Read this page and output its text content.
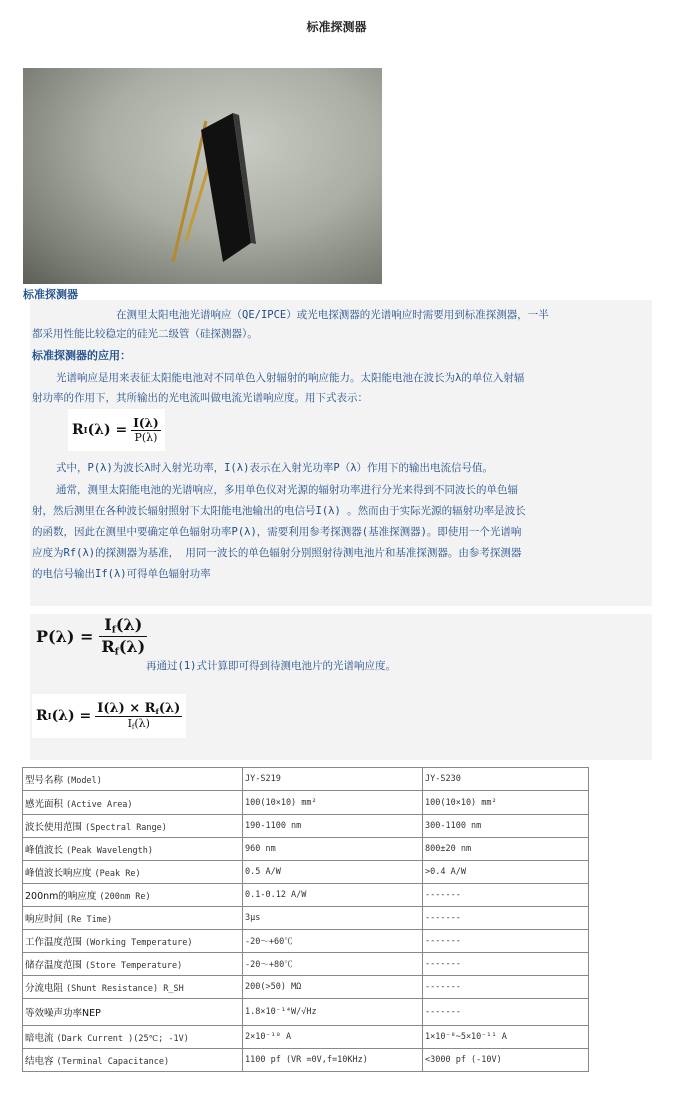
标准探测器
标准探测器
在测里太阳电池光谱响应（QE/IPCE）或光电探测器的光谱响应时需要用到标准探测器，一半
都采用性能比较稳定的硅光二级管（硅探测器）。
标准探测器的应用：
光谱响应是用来表征太阳能电池对不同单色入射辐射的响应能力。太阳能电池在波长为λ的单位入射辐
射功率的作用下，其所输出的光电流叫做电流光谱响应度。用下式表示：
R I $(\lambda) = \frac{I(\lambda)}{P(\lambda)}$
式中，P(λ)为波长λ时入射光功率，I(λ)表示在入射光功率P（λ）作用下的输出电流信号值。
通常，测里太阳能电池的光谱响应，多用单色仪对光源的辐射功率进行分光来得到不同波长的单色辐
射，然后测里在各种波长辐射照射下太阳能电池输出的电信号I(λ) 。然而由于实际光源的辐射功率是波长
的函数，因此在测里中要确定单色辐射功率P(λ)，需要利用参考探测器(基准探测器)。即使用一个光谱响
应度为Rf(λ)的探测器为基准， 用同一波长的单色辐射分别照射待测电池片和基准探测器。由参考探测器
的电信号输出If(λ)可得单色辐射功率
$P(\lambda) = \frac{I_f(\lambda)}{R_f(\lambda)}$
再通过(1)式计算即可得到待测电池片的光谱响应度。
R I $(\lambda) = \frac{I(\lambda) \times R_f(\lambda)}{I_f(\lambda)}$
型号名称 (Model)	JY-S219	JY-S230
感光面积 (Active Area)	100(10×10) mm²	100(10×10) mm²
波长使用范围 (Spectral Range)	190-1100 nm	300-1100 nm
峰值波长 (Peak Wavelength)	960 nm	800±20 nm
峰值波长响应度 (Peak Re)	0.5 A/W	>0.4 A/W
200nm的响应度 (200nm Re)	0.1-0.12 A/W	-------
响应时间 (Re Time)	3μs	-------
工作温度范围 (Working Temperature)	-20～+60℃	-------
储存温度范围 (Store Temperature)	-20～+80℃	-------
分流电阻 (Shunt Resistance) R_SH	200(>50) MΩ	-------
等效噪声功率NEP	1.8×10⁻¹⁴W/√Hz	-------
暗电流 (Dark Current )(25℃; -1V)	2×10⁻¹⁰ A	1×10⁻⁸~5×10⁻¹¹ A
结电容 (Terminal Capacitance)	1100 pf (VR =0V,f=10KHz)	<3000 pf (-10V)
